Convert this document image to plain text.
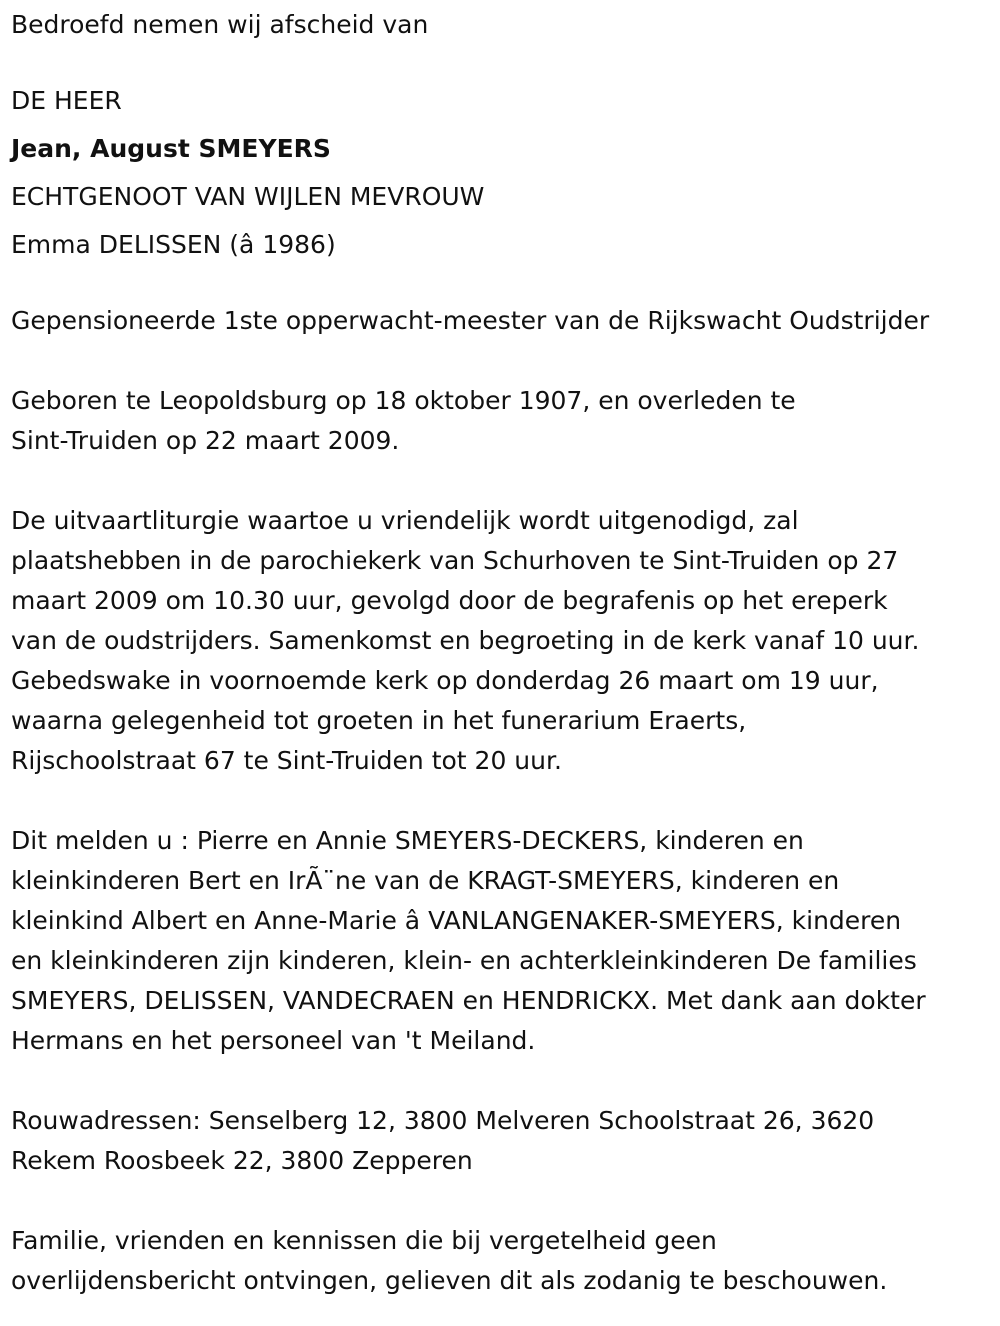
Bedroefd nemen wij afscheid van

DE HEER

Jean, August SMEYERS

ECHTGENOOT VAN WIJLEN MEVROUW

Emma DELISSEN (â 1986)

Gepensioneerde 1ste opperwacht-meester van de Rijkswacht Oudstrijder

Geboren te Leopoldsburg op 18 oktober 1907, en overleden te

Sint-Truiden op 22 maart 2009.

De uitvaartliturgie waartoe u vriendelijk wordt uitgenodigd, zal

plaatshebben in de parochiekerk van Schurhoven te Sint-Truiden op 27

maart 2009 om 10.30 uur, gevolgd door de begrafenis op het ereperk

van de oudstrijders. Samenkomst en begroeting in de kerk vanaf 10 uur.

Gebedswake in voornoemde kerk op donderdag 26 maart om 19 uur,

waarna gelegenheid tot groeten in het funerarium Eraerts,

Rijschoolstraat 67 te Sint-Truiden tot 20 uur.

Dit melden u : Pierre en Annie SMEYERS-DECKERS, kinderen en

kleinkinderen Bert en IrÃ¨ne van de KRAGT-SMEYERS, kinderen en

kleinkind Albert en Anne-Marie â VANLANGENAKER-SMEYERS, kinderen

en kleinkinderen zijn kinderen, klein- en achterkleinkinderen De families

SMEYERS, DELISSEN, VANDECRAEN en HENDRICKX. Met dank aan dokter

Hermans en het personeel van 't Meiland.

Rouwadressen: Senselberg 12, 3800 Melveren Schoolstraat 26, 3620

Rekem Roosbeek 22, 3800 Zepperen

Familie, vrienden en kennissen die bij vergetelheid geen

overlijdensbericht ontvingen, gelieven dit als zodanig te beschouwen.
